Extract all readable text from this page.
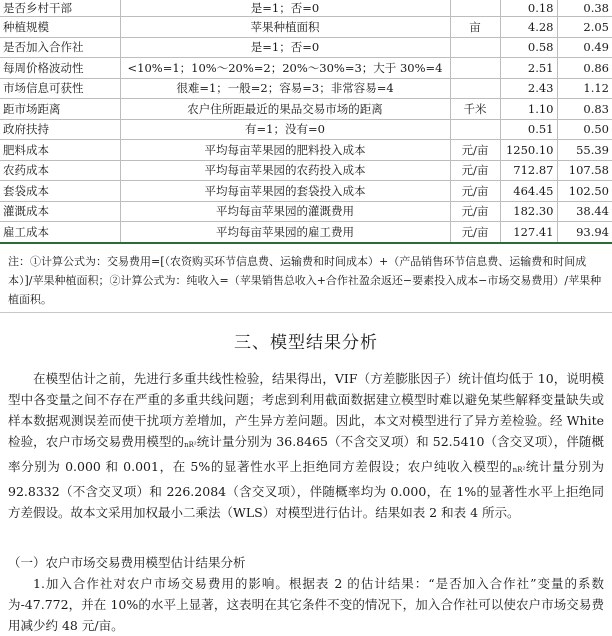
是否乡村干部	是=1；否=0		0.18	0.38
种植规模	苹果种植面积	亩	4.28	2.05
是否加入合作社	是=1；否=0		0.58	0.49
每周价格波动性	<10%=1；10%～20%=2；20%～30%=3；大于 30%=4		2.51	0.86
市场信息可获性	很难=1；一般=2；容易=3；非常容易=4		2.43	1.12
距市场距离	农户住所距最近的果品交易市场的距离	千米	1.10	0.83
政府扶持	有=1；没有=0		0.51	0.50
肥料成本	平均每亩苹果园的肥料投入成本	元/亩	1250.10	55.39
农药成本	平均每亩苹果园的农药投入成本	元/亩	712.87	107.58
套袋成本	平均每亩苹果园的套袋投入成本	元/亩	464.45	102.50
灌溉成本	平均每亩苹果园的灌溉费用	元/亩	182.30	38.44
雇工成本	平均每亩苹果园的雇工费用	元/亩	127.41	93.94
注：①计算公式为：交易费用=[（农资购买环节信息费、运输费和时间成本）+（产品销售环节信息费、运输费和时间成本）]/苹果种植面积；②计算公式为：纯收入=（苹果销售总收入+合作社盈余返还−要素投入成本−市场交易费用）/苹果种植面积。
三、模型结果分析
在模型估计之前，先进行多重共线性检验，结果得出，VIF（方差膨胀因子）统计值均低于 10，说明模型中各变量之间不存在严重的多重共线问题；考虑到利用截面数据建立模型时难以避免某些解释变量缺失或样本数据观测误差而使干扰项方差增加，产生异方差问题。因此，本文对模型进行了异方差检验。经 White 检验，农户市场交易费用模型的nR²统计量分别为 36.8465（不含交叉项）和 52.5410（含交叉项），伴随概率分别为 0.000 和 0.001，在 5%的显著性水平上拒绝同方差假设；农户纯收入模型的nR²统计量分别为 92.8332（不含交叉项）和 226.2084（含交叉项），伴随概率均为 0.000，在 1%的显著性水平上拒绝同方差假设。故本文采用加权最小二乘法（WLS）对模型进行估计。结果如表 2 和表 4 所示。
（一）农户市场交易费用模型估计结果分析
1.加入合作社对农户市场交易费用的影响。根据表 2 的估计结果：“是否加入合作社”变量的系数为-47.772，并在 10%的水平上显著，这表明在其它条件不变的情况下，加入合作社可以使农户市场交易费用减少约 48 元/亩。
